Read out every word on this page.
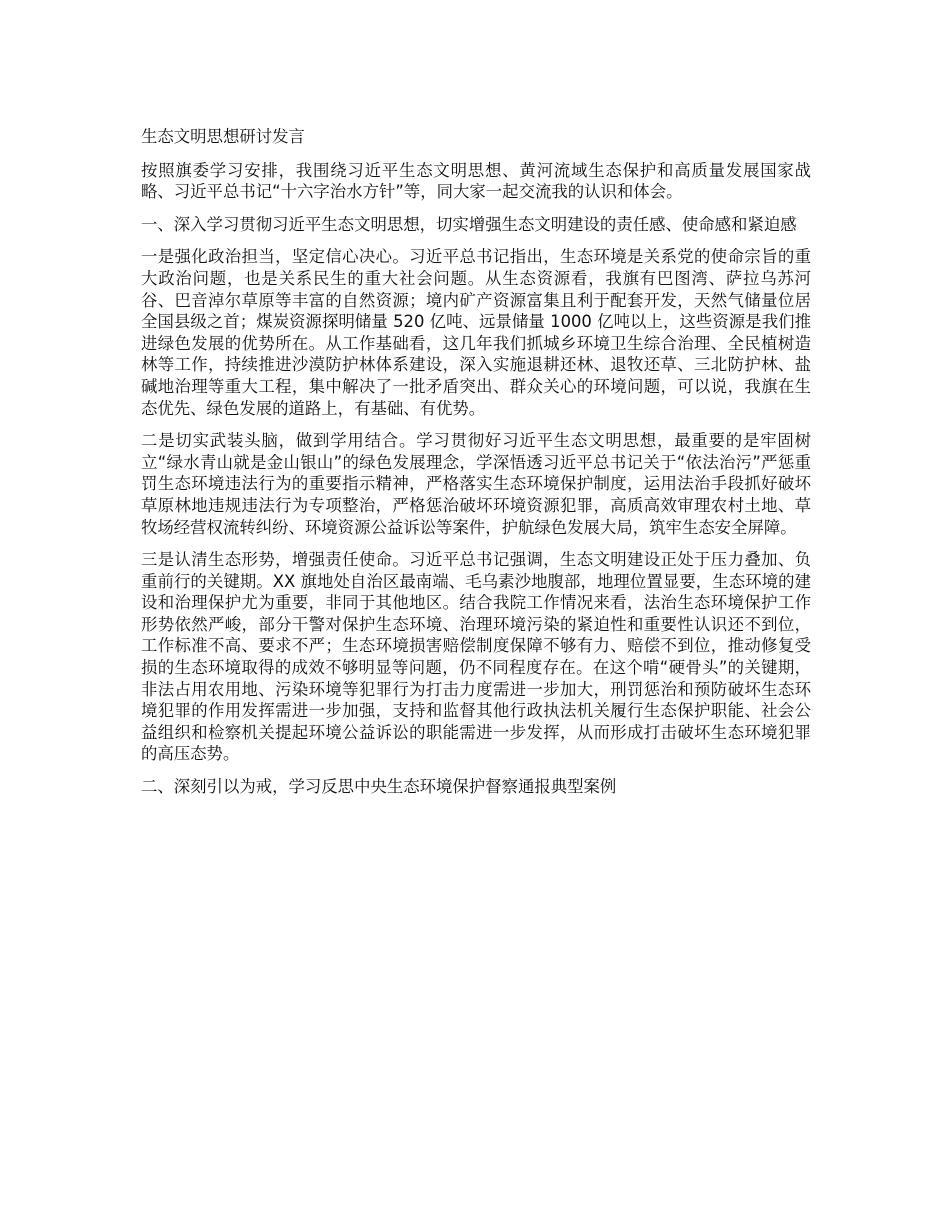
生态文明思想研讨发言

按照旗委学习安排，我围绕习近平生态文明思想、黄河流域生态保护和高质量发展国家战略、习近平总书记“十六字治水方针”等，同大家一起交流我的认识和体会。

一、深入学习贯彻习近平生态文明思想，切实增强生态文明建设的责任感、使命感和紧迫感

一是强化政治担当，坚定信心决心。习近平总书记指出，生态环境是关系党的使命宗旨的重大政治问题，也是关系民生的重大社会问题。从生态资源看，我旗有巴图湾、萨拉乌苏河谷、巴音淖尔草原等丰富的自然资源；境内矿产资源富集且利于配套开发，天然气储量位居全国县级之首；煤炭资源探明储量 520 亿吨、远景储量 1000 亿吨以上，这些资源是我们推进绿色发展的优势所在。从工作基础看，这几年我们抓城乡环境卫生综合治理、全民植树造林等工作，持续推进沙漠防护林体系建设，深入实施退耕还林、退牧还草、三北防护林、盐碱地治理等重大工程，集中解决了一批矛盾突出、群众关心的环境问题，可以说，我旗在生态优先、绿色发展的道路上，有基础、有优势。

二是切实武装头脑，做到学用结合。学习贯彻好习近平生态文明思想，最重要的是牢固树立“绿水青山就是金山银山”的绿色发展理念，学深悟透习近平总书记关于“依法治污”严惩重罚生态环境违法行为的重要指示精神，严格落实生态环境保护制度，运用法治手段抓好破坏草原林地违规违法行为专项整治，严格惩治破坏环境资源犯罪，高质高效审理农村土地、草牧场经营权流转纠纷、环境资源公益诉讼等案件，护航绿色发展大局，筑牢生态安全屏障。

三是认清生态形势，增强责任使命。习近平总书记强调，生态文明建设正处于压力叠加、负重前行的关键期。XX 旗地处自治区最南端、毛乌素沙地腹部，地理位置显要，生态环境的建设和治理保护尤为重要，非同于其他地区。结合我院工作情况来看，法治生态环境保护工作形势依然严峻，部分干警对保护生态环境、治理环境污染的紧迫性和重要性认识还不到位，工作标准不高、要求不严；生态环境损害赔偿制度保障不够有力、赔偿不到位，推动修复受损的生态环境取得的成效不够明显等问题，仍不同程度存在。在这个啃“硬骨头”的关键期，非法占用农用地、污染环境等犯罪行为打击力度需进一步加大，刑罚惩治和预防破坏生态环境犯罪的作用发挥需进一步加强，支持和监督其他行政执法机关履行生态保护职能、社会公益组织和检察机关提起环境公益诉讼的职能需进一步发挥，从而形成打击破坏生态环境犯罪的高压态势。

二、深刻引以为戒，学习反思中央生态环境保护督察通报典型案例
